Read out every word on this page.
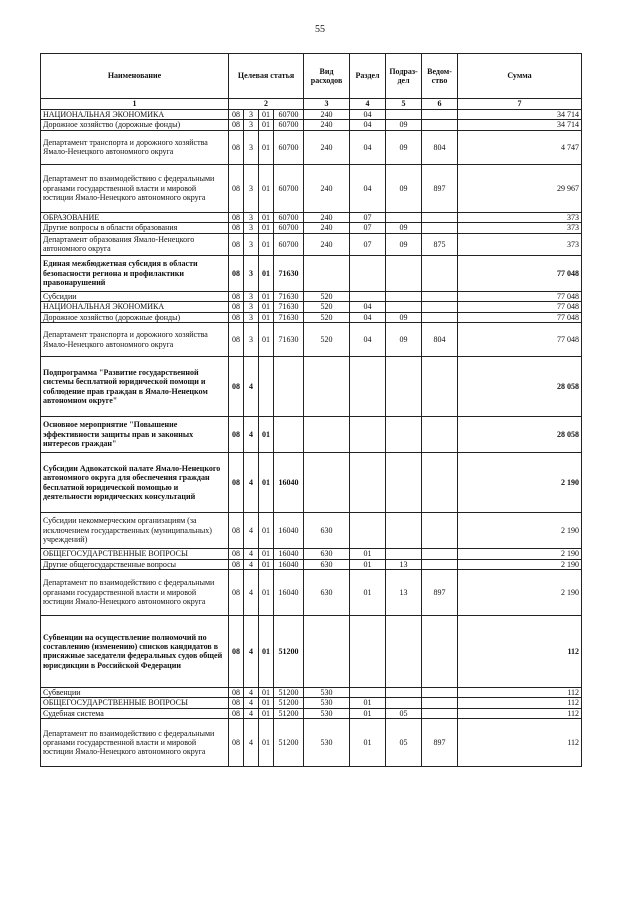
55
Наименование	Целевая статья				Вид расходов	Раздел	Подраз-дел	Ведом-ство	Сумма
1	2				3	4	5	6	7
НАЦИОНАЛЬНАЯ ЭКОНОМИКА	08	3	01	60700	240	04			34 714
Дорожное хозяйство (дорожные фонды)	08	3	01	60700	240	04	09		34 714
Департамент транспорта и дорожного хозяйства Ямало-Ненецкого автономного округа	08	3	01	60700	240	04	09	804	4 747
Департамент по взаимодействию с федеральными органами государственной власти и мировой юстиции Ямало-Ненецкого автономного округа	08	3	01	60700	240	04	09	897	29 967
ОБРАЗОВАНИЕ	08	3	01	60700	240	07			373
Другие вопросы в области образования	08	3	01	60700	240	07	09		373
Департамент образования Ямало-Ненецкого автономного округа	08	3	01	60700	240	07	09	875	373
Единая межбюджетная субсидия в области безопасности региона и профилактики правонарушений	08	3	01	71630					77 048
Субсидии	08	3	01	71630	520				77 048
НАЦИОНАЛЬНАЯ ЭКОНОМИКА	08	3	01	71630	520	04			77 048
Дорожное хозяйство (дорожные фонды)	08	3	01	71630	520	04	09		77 048
Департамент транспорта и дорожного хозяйства Ямало-Ненецкого автономного округа	08	3	01	71630	520	04	09	804	77 048
Подпрограмма "Развитие государственной системы бесплатной юридической помощи и соблюдение прав граждан в Ямало-Ненецком автономном округе"	08	4							28 058
Основное мероприятие "Повышение эффективности защиты прав и законных интересов граждан"	08	4	01						28 058
Субсидии Адвокатской палате Ямало-Ненецкого автономного округа для обеспечения граждан бесплатной юридической помощью и деятельности юридических консультаций	08	4	01	16040					2 190
Субсидии некоммерческим организациям (за исключением государственных (муниципальных) учреждений)	08	4	01	16040	630				2 190
ОБЩЕГОСУДАРСТВЕННЫЕ ВОПРОСЫ	08	4	01	16040	630	01			2 190
Другие общегосударственные вопросы	08	4	01	16040	630	01	13		2 190
Департамент по взаимодействию с федеральными органами государственной власти и мировой юстиции Ямало-Ненецкого автономного округа	08	4	01	16040	630	01	13	897	2 190
Субвенции на осуществление полномочий по составлению (изменению) списков кандидатов в присяжные заседатели федеральных судов общей юрисдикции в Российской Федерации	08	4	01	51200					112
Субвенции	08	4	01	51200	530				112
ОБЩЕГОСУДАРСТВЕННЫЕ ВОПРОСЫ	08	4	01	51200	530	01			112
Судебная система	08	4	01	51200	530	01	05		112
Департамент по взаимодействию с федеральными органами государственной власти и мировой юстиции Ямало-Ненецкого автономного округа	08	4	01	51200	530	01	05	897	112
